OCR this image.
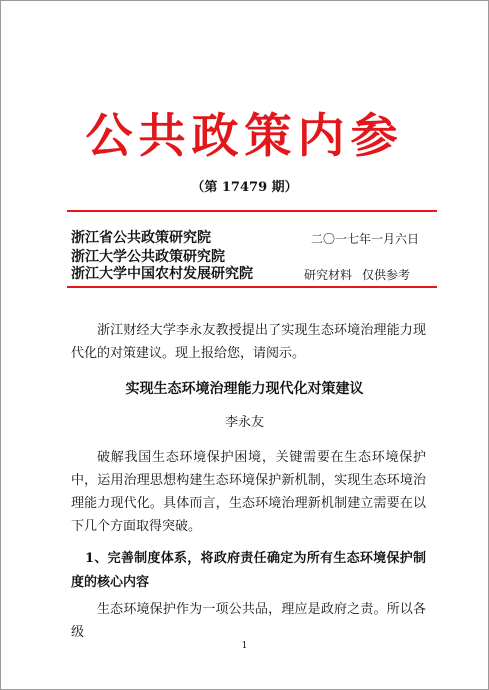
公共政策内参
（第 17479 期）
浙江省公共政策研究院
浙江大学公共政策研究院
浙江大学中国农村发展研究院
二〇一七年一月六日
研究材料 仅供参考
浙江财经大学李永友教授提出了实现生态环境治理能力现代化的对策建议。现上报给您，请阅示。
实现生态环境治理能力现代化对策建议
李永友
破解我国生态环境保护困境，关键需要在生态环境保护中，运用治理思想构建生态环境保护新机制，实现生态环境治理能力现代化。具体而言，生态环境治理新机制建立需要在以下几个方面取得突破。
1、完善制度体系，将政府责任确定为所有生态环境保护制度的核心内容
生态环境保护作为一项公共品，理应是政府之责。所以各级
1
